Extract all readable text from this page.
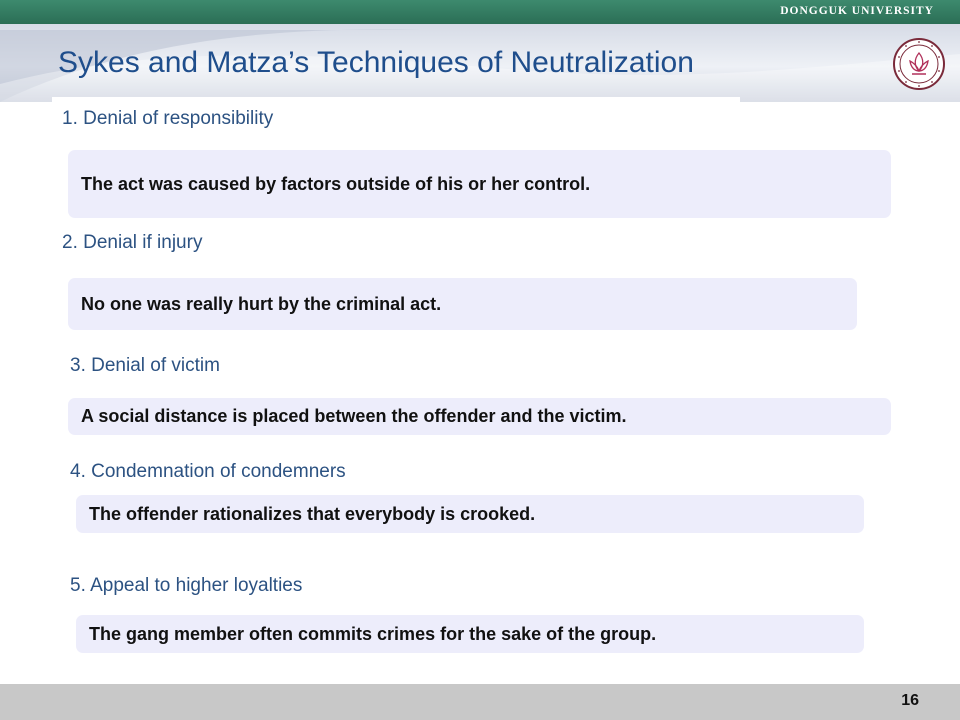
DONGGUK UNIVERSITY
Sykes and Matza’s Techniques of Neutralization
1. Denial of responsibility
The act was caused by factors outside of his or her control.
2. Denial if injury
No one was really hurt by the criminal act.
3. Denial of victim
A social distance is placed between the offender and the victim.
4. Condemnation of condemners
The offender rationalizes that everybody is crooked.
5. Appeal to higher loyalties
The gang member often commits crimes for the sake of the group.
16
